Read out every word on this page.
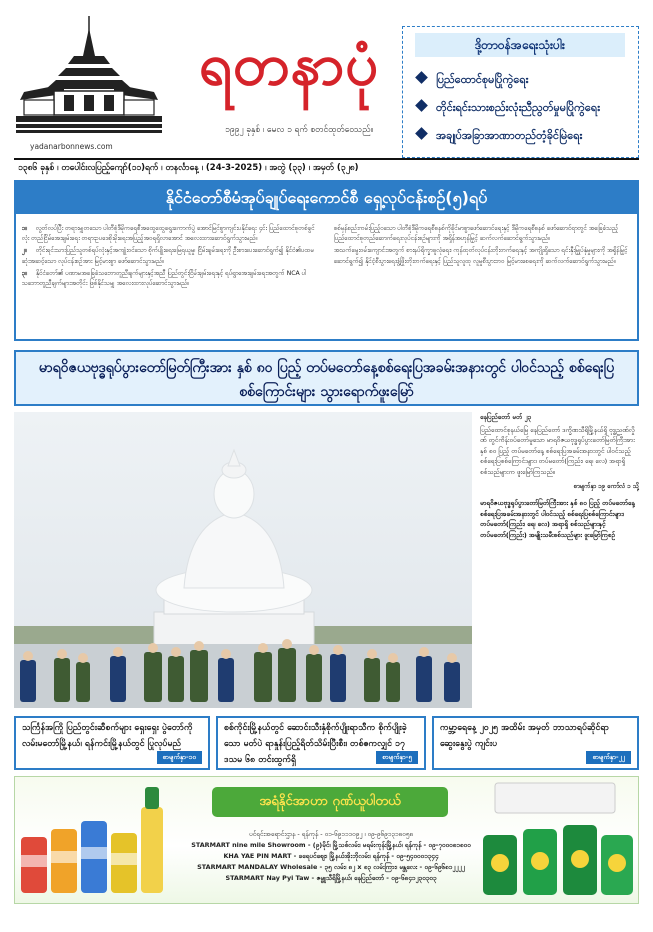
yadanarbonnews.com
ရတနာပုံ
၁၉၉၂ ခုနှစ် ၊ မေလ ၁ ရက် စတင်ထုတ်ဝေသည်။
ဒို့တာဝန်အရေးသုံးပါး
ပြည်ထောင်စုမပြိုကွဲရေး
တိုင်းရင်းသားစည်းလုံးညီညွတ်မှုမပြိုကွဲရေး
အချုပ်အခြာအာဏာတည်တံ့ခိုင်မြဲရေး
၁၃၈၆ ခုနှစ် ၊ တပေါင်းလပြည့်ကျော်(၁၁)ရက် ၊ တနင်္လာနေ့ ၊ (24-3-2025) ၊ အတွဲ (၃၃) ၊ အမှတ် (၃၂၈)
နိုင်ငံတော်စီမံအုပ်ချုပ်ရေးကောင်စီ ရှေ့လုပ်ငန်းစဉ်(၅)ရပ်

၁။ လွတ်လပ်ပြီး တရားမျှတသော ပါတီစုံဒီမိုကရေစီအထွေထွေရွေးကောက်ပွဲ အောင်မြင်စွာကျင်းပနိုင်ရေး ၄င်း ပြည်ထောင်စုတစ်ခွင်လုံး တည်ငြိမ်အေးချမ်းရေး တရားဥပဒေစိုးမိုးရေးအပြည့်အဝရရှိလာအောင် အလေးထားဆောင်ရွက်သွားမည်။

၂။ တိုင်းရင်းသားပြည်သူတစ်ရပ်လုံးနှင့်အကျုံးဝင်သော စိုက်ပျိုးရေးမြေရယူမှု၊ ငြိမ်းချမ်းရေးကို ဦးစားပေးဆောင်ရွက်၍ နိုင်ငံ၏ပထမဆုံးအဆင့်သော လုပ်ငန်းစဉ်အား မြင့်မားစွာ ဖော်ဆောင်သွားမည်။

၃။ နိုင်ငံတော်၏ ပဏာမအခြေခံသဘောတူညီချက်များနှင့်အညီ ပြည်တွင်းငြိမ်းချမ်းရေးနှင့် ရပ်ရွာအေးချမ်းရေးအတွက် NCA ပါ သဘောတူညီချက်များအတိုင်း ဖြစ်နိုင်သမျှ အလေးထားလုပ်ဆောင်သွားမည်။

စစ်မှန်စည်းကမ်းပြည့်ဝသော ပါတီစုံဒီမိုကရေစီစနစ်ကိုခိုင်မာစွာဖော်ဆောင်ရေးနှင့် ဒီမိုကရေစီစနစ် ဖော်ဆောင်ရာတွင် အခြေခံသည့် ပြည်ထောင်စုတည်ဆောက်ရေးလုပ်ငန်းစဉ်များကို အရှိန်အဟုန်မြှင့် ဆက်လက်ဆောင်ရွက်သွားမည်။

အသက်မွေးဝမ်းကျောင်းအတွက် စားနပ်ရိက္ခာဖူလုံရေး၊ ကုန်ထုတ်လုပ်ငန်းတိုးတက်ရေးနှင့် အကျိုးရှိသော ရင်းနှီးမြှုပ်နှံမှုများကို အရှိန်မြှင့်ဆောင်ရွက်၍ နိုင်ငံ့စီးပွားရေးဖွံ့ဖြိုးတိုးတက်ရေးနှင့် ပြည်သူလူထု လူမှုစီးပွားဘဝ မြင့်မားစေရေးကို ဆက်လက်ဆောင်ရွက်သွားမည်။

မာရဝိဇယဗုဒ္ဓရုပ်ပွားတော်မြတ်ကြီးအား နှစ် ၈၀ ပြည့် တပ်မတော်နေ့စစ်ရေးပြအခမ်းအနားတွင် ပါဝင်သည့် စစ်ရေးပြစစ်ကြောင်းများ သွားရောက်ဖူးမြော်

နေပြည်တော် မတ် ၂၃

ပြည်ထောင်စုနယ်မြေ နေပြည်တော် ဒက္ခိဏသီရိမြို့နယ်ရှိ ဗုဒ္ဓညဏ်လှိုဏ် တွင်ကိန်းဝပ်တော်မူသော မာရဝိဇယဗုဒ္ဓရုပ်ပွားတော်မြတ်ကြီးအား နှစ် ၈၀ ပြည့် တပ်မတော်နေ့ စစ်ရေးပြအခမ်းအနားတွင် ပါဝင်သည့် စစ်ရေးပြစစ်ကြောင်းများ၊ တပ်မတော်(ကြည်း၊ ရေ၊ လေ) အရာရှိ စစ်သည်များက ဖူးမြော်ကြသည်။

စာမျက်နှာ ၁၉ ကော်လံ ၁ သို့

မာရဝိဇယဗုဒ္ဓရုပ်ပွားတော်မြတ်ကြီးအား နှစ် ၈၀ ပြည့် တပ်မတော်နေ့ စစ်ရေးပြအခမ်းအနားတွင် ပါဝင်သည့် စစ်ရေးပြစစ်ကြောင်းများ၊ တပ်မတော်(ကြည်း၊ ရေ၊ လေ) အရာရှိ စစ်သည်များနှင့် တပ်မတော်(ကြည်း) အမျိုးသမီးစစ်သည်များ ဖူးမြော်ကြစဉ်

သင်္ကြန်အကြို ပြည်တွင်းဆီစက်များ ရှေးရှေး ပွဲတော်ကို လမ်းမတော်မြို့နယ်၊ ရန်ကင်းမြို့နယ်တွင် ပြုလုပ်မည်
စာမျက်နှာ-၁၀
စစ်ကိုင်းမြို့နယ်တွင် ဆောင်းသီးနှံစိုက်ပျိုးရာသီက စိုက်ပျိုးခဲ့သော မတ်ပဲ ရာနှုန်းပြည့်ရိတ်သိမ်းပြီးစီး၊ တစ်ဧကလျှင် ၁၇ ဒသမ ၆၈ တင်းထွက်ရှိ	စာမျက်နှာ-၅
ကမ္ဘာ့ရေနေ့ ၂၀၂၅ အထိမ်း အမှတ် ဘာသာရပ်ဆိုင်ရာဆွေးနွေးပွဲ ကျင်းပ
စာမျက်နှာ-၂၂
အရံနိုင်အာဟာ ဂုဏ်ယူပါတယ်
ပင်ရင်းအရောင်းဌာန - ရန်ကုန် - ၀၁-၆၉၁၁၁၀၉၂ ၊ ၀၉-၉၆၉၁၃၁၈၀၅၈
STARMART nine mile Showroom - (၉)မိုင်၊ မြို့သစ်လမ်း၊ မရမ်းကုန်းမြို့နယ်၊ ရန်ကုန် - ၀၉-၇၀၀၀၈၁၈၀၀
KHA YAE PIN MART - ခရေပင်ဈေး၊ မြို့နယ်အိုးဘိုလမ်း၊ ရန်ကုန် - ၀၉-၅၄၀၀၀၁၃၄၄
STARMART MANDALAY Wholesale - ၃၅ လမ်း၊ ၈၂ x ၈၃ လမ်းကြား၊ မန္တလေး - ၀၉-၆၉၆၈၁၂၂၂၂
STARMART Nay Pyi Taw - ဇမ္ဗူသီရိမြို့နယ်၊ နေပြည်တော် - ၀၉-၆၈၄၁၂၃၀၃၀၃
